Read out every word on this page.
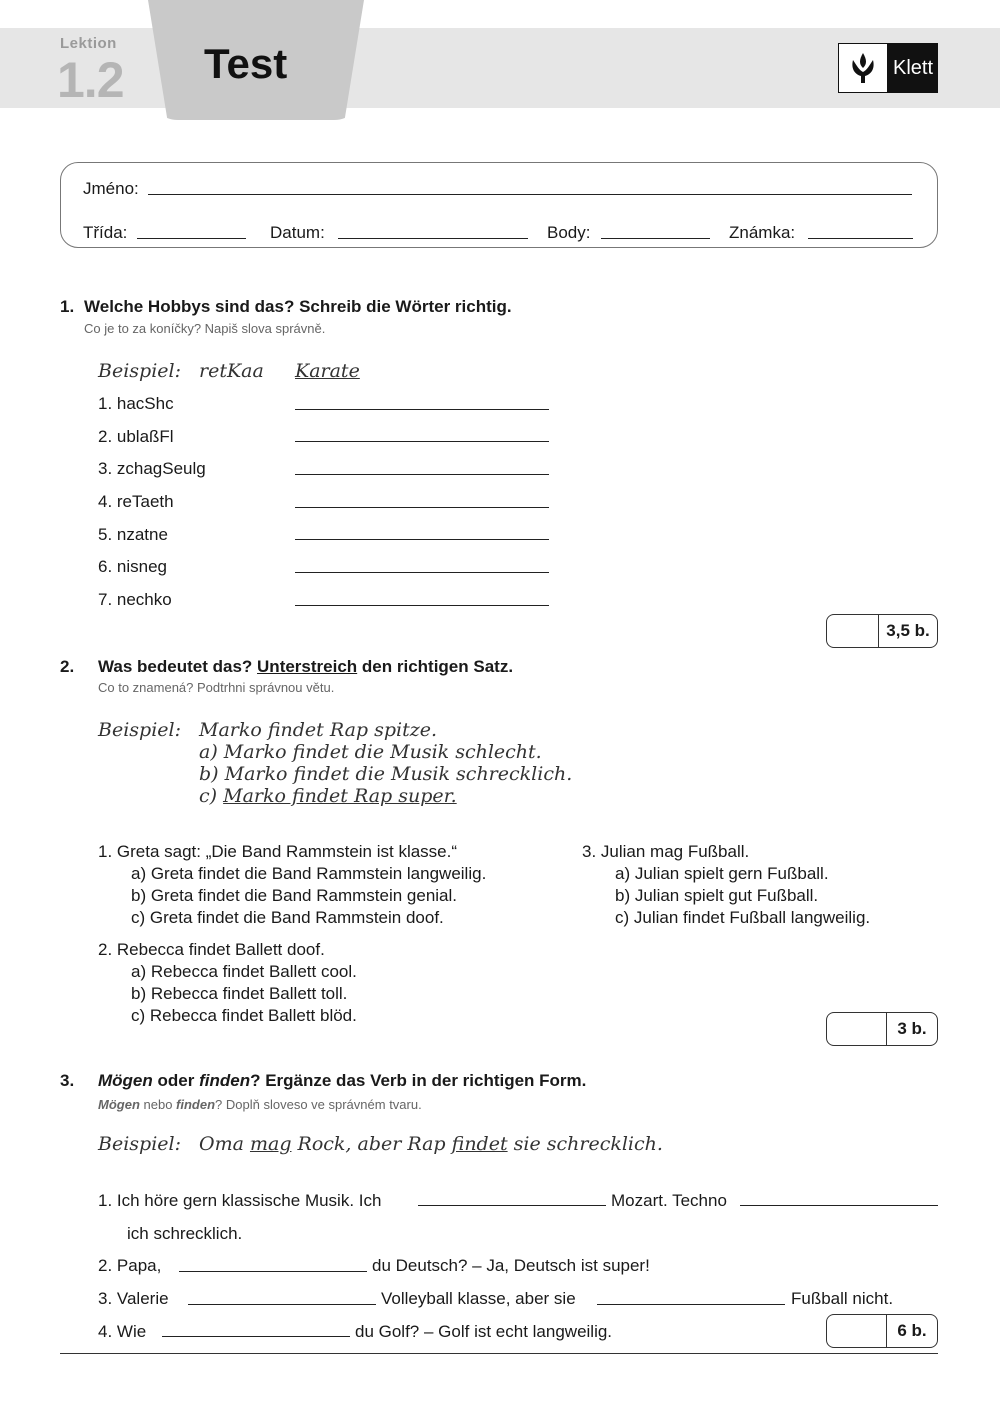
Lektion
1.2 Test	Klett
Jméno:
Třída:	Datum:	Body:	Známka:
1. Welche Hobbys sind das? Schreib die Wörter richtig.
Co je to za koníčky? Napiš slova správně.
Beispiel: retKaa Karate
1. hacShc
2. ublaßFl
3. zchagSeulg
4. reTaeth
5. nzatne
6. nisneg
7. nechko
3,5 b.
2. Was bedeutet das? Unterstreich den richtigen Satz.
Co to znamená? Podtrhni správnou větu.
Beispiel: Marko findet Rap spitze.
a) Marko findet die Musik schlecht.
b) Marko findet die Musik schrecklich.
c) Marko findet Rap super.
1. Greta sagt: „Die Band Rammstein ist klasse.“
a) Greta findet die Band Rammstein langweilig.
b) Greta findet die Band Rammstein genial.
c) Greta findet die Band Rammstein doof.
2. Rebecca findet Ballett doof.
a) Rebecca findet Ballett cool.
b) Rebecca findet Ballett toll.
c) Rebecca findet Ballett blöd.
3. Julian mag Fußball.
a) Julian spielt gern Fußball.
b) Julian spielt gut Fußball.
c) Julian findet Fußball langweilig.
3 b.
3. Mögen oder finden? Ergänze das Verb in der richtigen Form.
Mögen nebo finden? Doplň sloveso ve správném tvaru.
Beispiel: Oma mag Rock, aber Rap findet sie schrecklich.
1. Ich höre gern klassische Musik. Ich	Mozart. Techno
ich schrecklich.
2. Papa,	du Deutsch? – Ja, Deutsch ist super!
3. Valerie	Volleyball klasse, aber sie	Fußball nicht.
4. Wie	du Golf? – Golf ist echt langweilig.	6 b.
